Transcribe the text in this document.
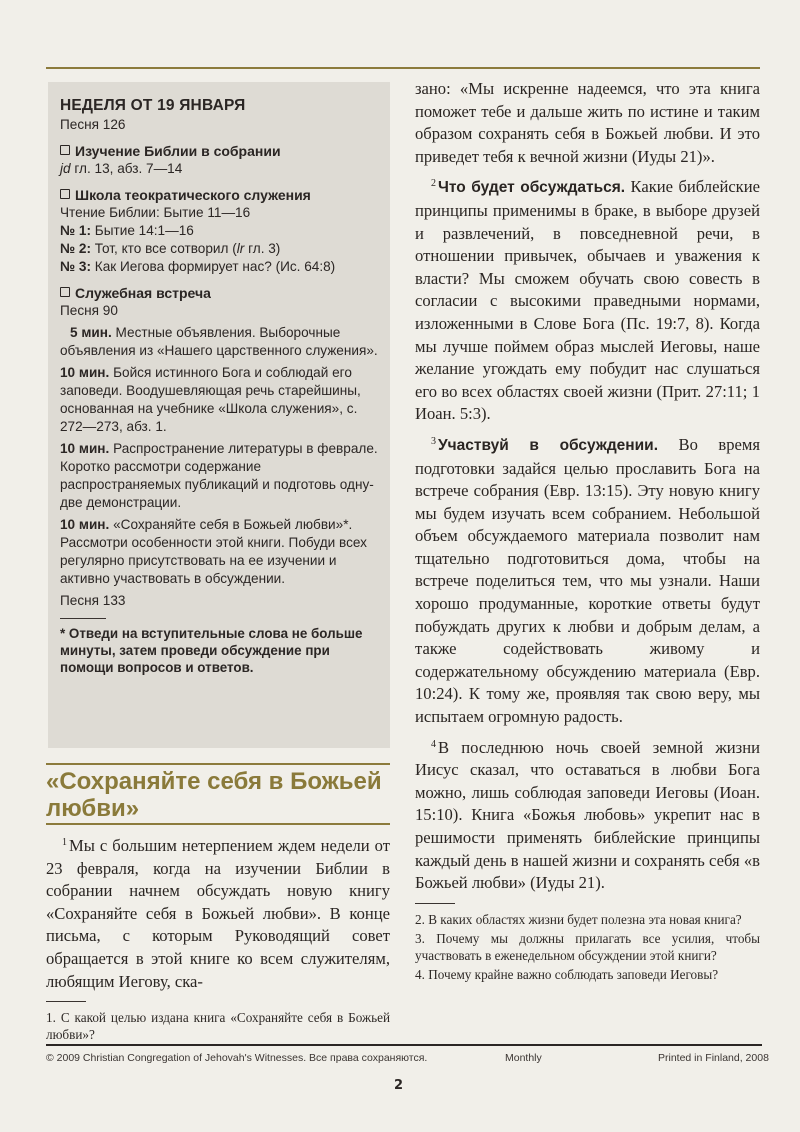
НЕДЕЛЯ ОТ 19 ЯНВАРЯ

Песня 126

Изучение Библии в собрании

jd гл. 13, абз. 7—14

Школа теократического служения

Чтение Библии: Бытие 11—16

№ 1: Бытие 14:1—16

№ 2: Тот, кто все сотворил (lr гл. 3)

№ 3: Как Иегова формирует нас? (Ис. 64:8)

Служебная встреча

Песня 90

5 мин. Местные объявления. Выборочные объявления из «Нашего царственного служения».

10 мин. Бойся истинного Бога и соблюдай его заповеди. Воодушевляющая речь старейшины, основанная на учебнике «Школа служения», с. 272—273, абз. 1.

10 мин. Распространение литературы в феврале. Коротко рассмотри содержание распространяемых публикаций и подготовь одну-две демонстрации.

10 мин. «Сохраняйте себя в Божьей любви»*. Рассмотри особенности этой книги. Побуди всех регулярно присутствовать на ее изучении и активно участвовать в обсуждении.

Песня 133

* Отведи на вступительные слова не больше минуты, затем проведи обсуждение при помощи вопросов и ответов.

«Сохраняйте себя в Божьей любви»

$^1$ Мы с большим нетерпением ждем недели от 23 февраля, когда на изучении Библии в собрании начнем обсуждать новую книгу «Сохраняйте себя в Божьей любви». В конце письма, с которым Руководящий совет обращается в этой книге ко всем служителям, любящим Иегову, ска-

1. С какой целью издана книга «Сохраняйте себя в Божьей любви»?

зано: «Мы искренне надеемся, что эта книга поможет тебе и дальше жить по истине и таким образом сохранять себя в Божьей любви. И это приведет тебя к вечной жизни (Иуды 21)».

$^2$ Что будет обсуждаться. Какие библейские принципы применимы в браке, в выборе друзей и развлечений, в повседневной речи, в отношении привычек, обычаев и уважения к власти? Мы сможем обучать свою совесть в согласии с высокими праведными нормами, изложенными в Слове Бога (Пс. 19:7, 8). Когда мы лучше поймем образ мыслей Иеговы, наше желание угождать ему побудит нас слушаться его во всех областях своей жизни (Прит. 27:11; 1 Иоан. 5:3).

$^3$ Участвуй в обсуждении. Во время подготовки задайся целью прославить Бога на встрече собрания (Евр. 13:15). Эту новую книгу мы будем изучать всем собранием. Небольшой объем обсуждаемого материала позволит нам тщательно подготовиться дома, чтобы на встрече поделиться тем, что мы узнали. Наши хорошо продуманные, короткие ответы будут побуждать других к любви и добрым делам, а также содействовать живому и содержательному обсуждению материала (Евр. 10:24). К тому же, проявляя так свою веру, мы испытаем огромную радость.

$^4$ В последнюю ночь своей земной жизни Иисус сказал, что оставаться в любви Бога можно, лишь соблюдая заповеди Иеговы (Иоан. 15:10). Книга «Божья любовь» укрепит нас в решимости применять библейские принципы каждый день в нашей жизни и сохранять себя «в Божьей любви» (Иуды 21).

2. В каких областях жизни будет полезна эта новая книга?

3. Почему мы должны прилагать все усилия, чтобы участвовать в еженедельном обсуждении этой книги?

4. Почему крайне важно соблюдать заповеди Иеговы?

© 2009 Christian Congregation of Jehovah's Witnesses. Все права сохраняются.	Monthly	Printed in Finland, 2008
2
